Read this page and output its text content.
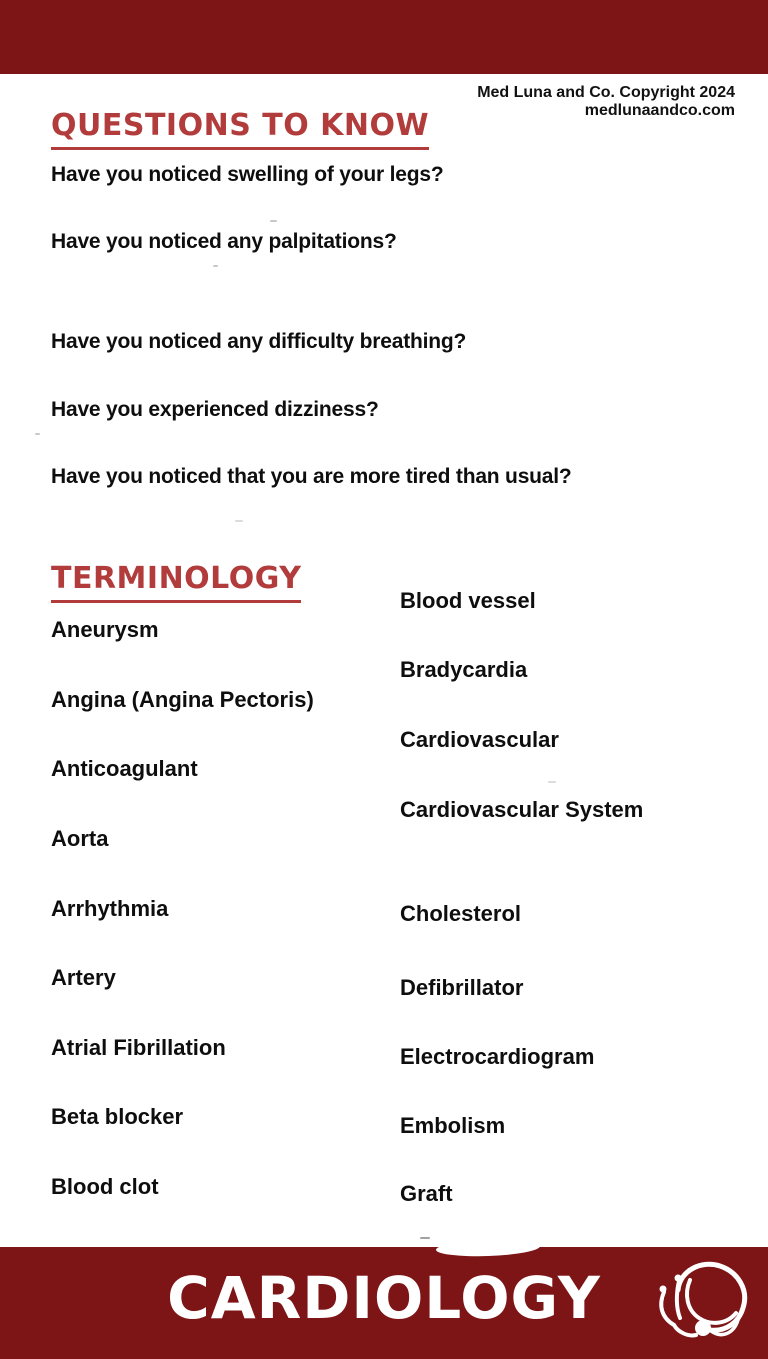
Med Luna and Co. Copyright 2024
medlunaandco.com
QUESTIONS TO KNOW
Have you noticed swelling of your legs?
Have you noticed any palpitations?
Have you noticed any difficulty breathing?
Have you experienced dizziness?
Have you noticed that you are more tired than usual?
TERMINOLOGY
Aneurysm
Angina (Angina Pectoris)
Anticoagulant
Aorta
Arrhythmia
Artery
Atrial Fibrillation
Beta blocker
Blood clot
Blood vessel
Bradycardia
Cardiovascular
Cardiovascular System
Cholesterol
Defibrillator
Electrocardiogram
Embolism
Graft
CARDIOLOGY
